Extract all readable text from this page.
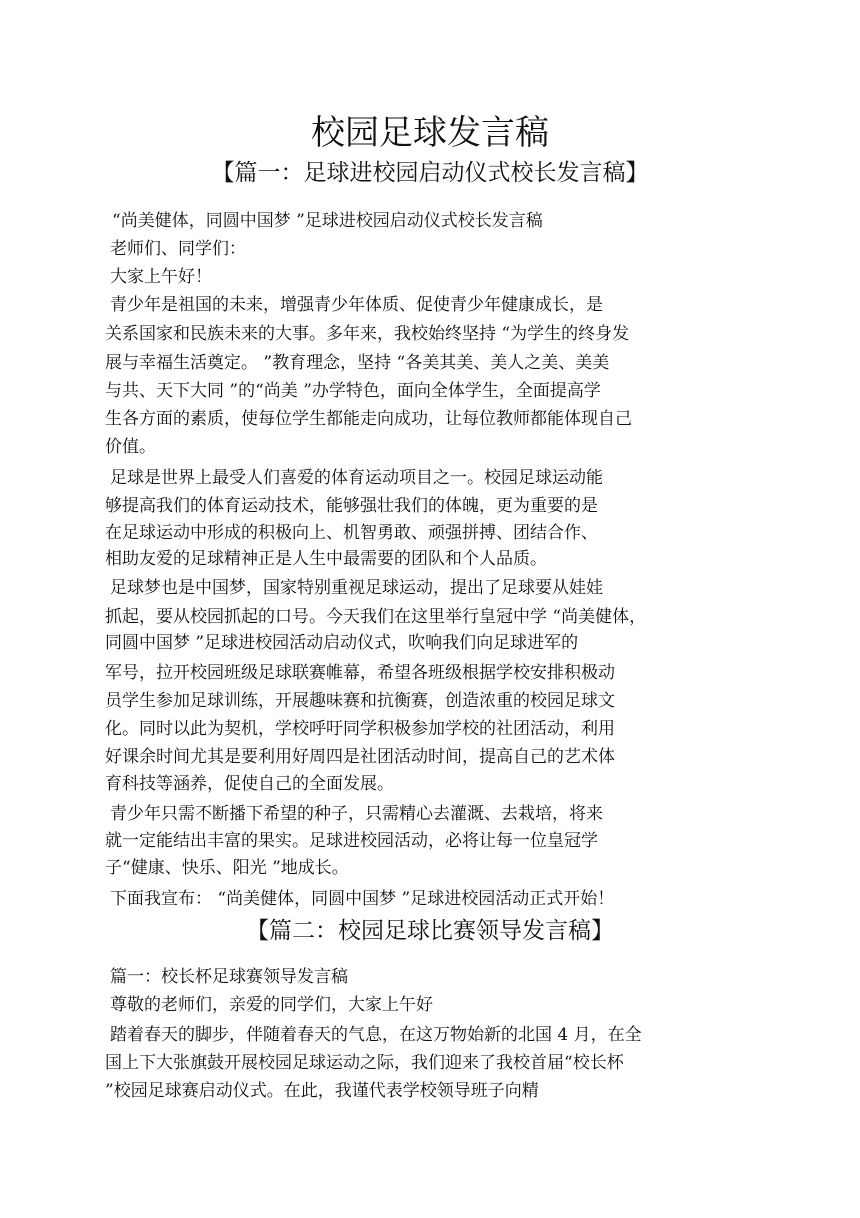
校园足球发言稿
【篇一：足球进校园启动仪式校长发言稿】

“尚美健体，同圆中国梦 ”足球进校园启动仪式校长发言稿

老师们、同学们：

大家上午好！

青少年是祖国的未来，增强青少年体质、促使青少年健康成长，是

关系国家和民族未来的大事。多年来，我校始终坚持 “为学生的终身发

展与幸福生活奠定。 ”教育理念，坚持 “各美其美、美人之美、美美

与共、天下大同 ”的“尚美 ”办学特色，面向全体学生，全面提高学

生各方面的素质，使每位学生都能走向成功，让每位教师都能体现自己

价值。

足球是世界上最受人们喜爱的体育运动项目之一。校园足球运动能

够提高我们的体育运动技术，能够强壮我们的体魄，更为重要的是

在足球运动中形成的积极向上、机智勇敢、顽强拼搏、团结合作、

相助友爱的足球精神正是人生中最需要的团队和个人品质。

足球梦也是中国梦，国家特别重视足球运动，提出了足球要从娃娃

抓起，要从校园抓起的口号。今天我们在这里举行皇冠中学 “尚美健体，

同圆中国梦 ”足球进校园活动启动仪式，吹响我们向足球进军的

军号，拉开校园班级足球联赛帷幕，希望各班级根据学校安排积极动

员学生参加足球训练，开展趣味赛和抗衡赛，创造浓重的校园足球文

化。同时以此为契机，学校呼吁同学积极参加学校的社团活动，利用

好课余时间尤其是要利用好周四是社团活动时间，提高自己的艺术体

育科技等涵养，促使自己的全面发展。

青少年只需不断播下希望的种子，只需精心去灌溉、去栽培，将来

就一定能结出丰富的果实。足球进校园活动，必将让每一位皇冠学

子“健康、快乐、阳光 ”地成长。

下面我宣布： “尚美健体，同圆中国梦 ”足球进校园活动正式开始！

【篇二：校园足球比赛领导发言稿】

篇一：校长杯足球赛领导发言稿

尊敬的老师们，亲爱的同学们，大家上午好

踏着春天的脚步，伴随着春天的气息，在这万物始新的北国 4 月，在全

国上下大张旗鼓开展校园足球运动之际，我们迎来了我校首届“校长杯

”校园足球赛启动仪式。在此，我谨代表学校领导班子向精
